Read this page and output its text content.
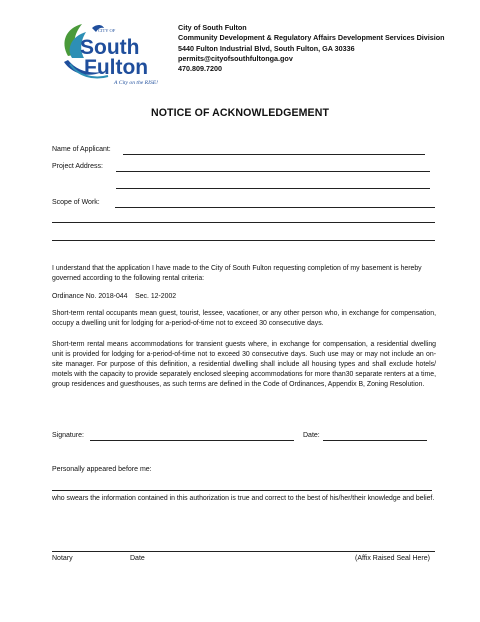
CITY OF
South
Fulton
A City on the RISE!
City of South Fulton
Community Development & Regulatory Affairs Development Services Division
5440 Fulton Industrial Blvd, South Fulton, GA 30336
permits@cityofsouthfultonga.gov
470.809.7200
NOTICE OF ACKNOWLEDGEMENT
Name of Applicant:
Project Address:
Scope of Work:

I understand that the application I have made to the City of South Fulton requesting completion of my basement is hereby governed according to the following rental criteria:

Ordinance No. 2018-044    Sec. 12-2002

Short-term rental occupants mean guest, tourist, lessee, vacationer, or any other person who, in exchange for compensation, occupy a dwelling unit for lodging for a-period-of-time not to exceed 30 consecutive days.

Short-term rental means accommodations for transient guests where, in exchange for compensation, a residential dwelling unit is provided for lodging for a-period-of-time not to exceed 30 consecutive days. Such use may or may not include an on-site manager. For purpose of this definition, a residential dwelling shall include all housing types and shall exclude hotels/ motels with the capacity to provide separately enclosed sleeping accommodations for more than30 separate renters at a time, group residences and guesthouses, as such terms are defined in the Code of Ordinances, Appendix B, Zoning Resolution.

Signature:	Date:
Personally appeared before me:

who swears the information contained in this authorization is true and correct to the best of his/her/their knowledge and belief.

Notary	Date	(Affix Raised Seal Here)
